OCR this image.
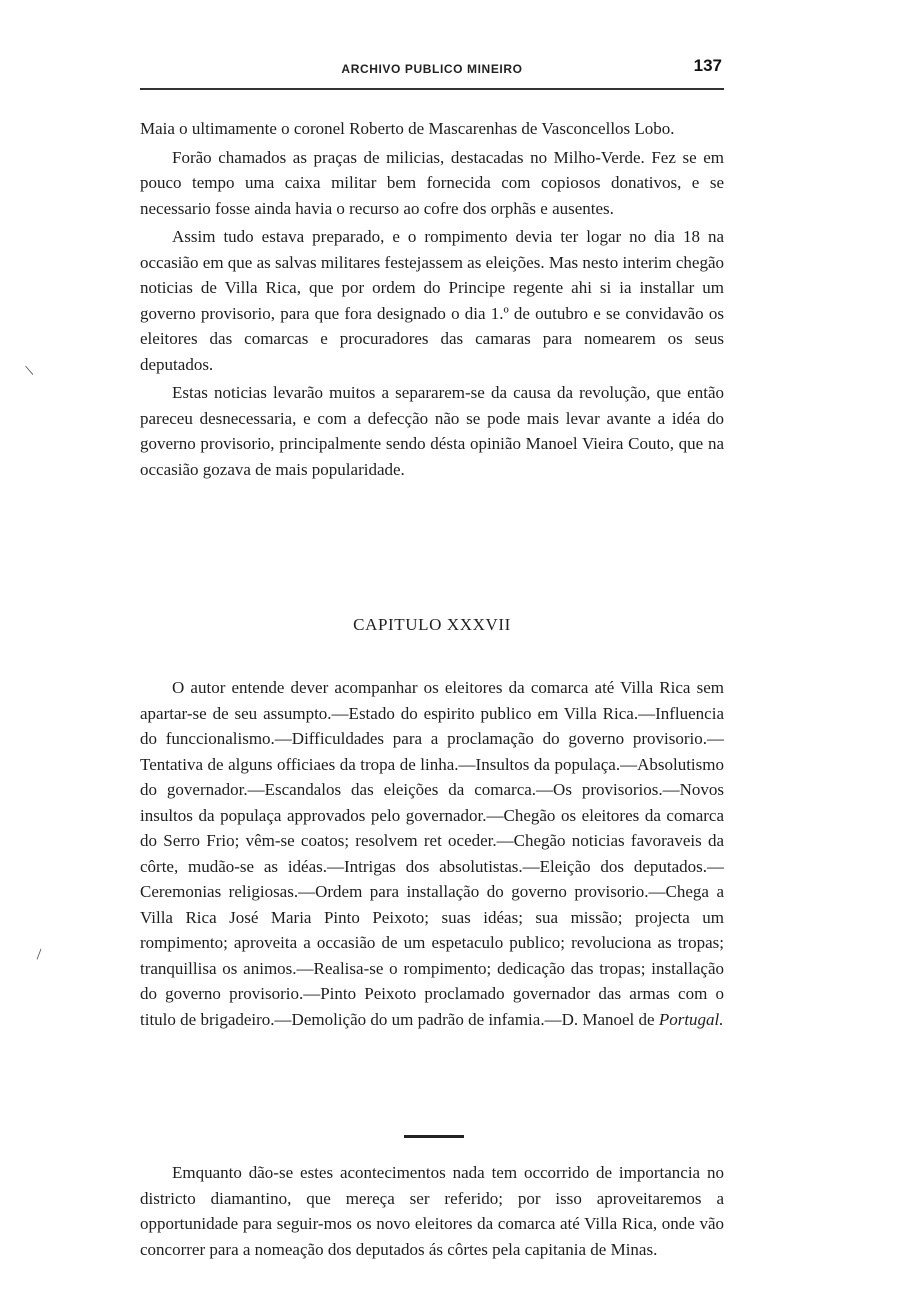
ARCHIVO PUBLICO MINEIRO	137

Maia o ultimamente o coronel Roberto de Mascarenhas de Vasconcellos Lobo.

Forão chamados as praças de milicias, destacadas no Milho-Verde. Fez se em pouco tempo uma caixa militar bem fornecida com copiosos donativos, e se necessario fosse ainda havia o recurso ao cofre dos orphãs e ausentes.

Assim tudo estava preparado, e o rompimento devia ter logar no dia 18 na occasião em que as salvas militares festejassem as eleições. Mas nesto interim chegão noticias de Villa Rica, que por ordem do Principe regente ahi si ia installar um governo provisorio, para que fora designado o dia 1.º de outubro e se convidavão os eleitores das comarcas e procuradores das camaras para nomearem os seus deputados.

Estas noticias levarão muitos a separarem-se da causa da revolução, que então pareceu desnecessaria, e com a defecção não se pode mais levar avante a idéa do governo provisorio, principalmente sendo désta opinião Manoel Vieira Couto, que na occasião gozava de mais popularidade.

CAPITULO XXXVII

O autor entende dever acompanhar os eleitores da comarca até Villa Rica sem apartar-se de seu assumpto.—Estado do espirito publico em Villa Rica.—Influencia do funccionalismo.—Difficuldades para a proclamação do governo provisorio.—Tentativa de alguns officiaes da tropa de linha.—Insultos da populaça.—Absolutismo do governador.—Escandalos das eleições da comarca.—Os provisorios.—Novos insultos da populaça approvados pelo governador.—Chegão os eleitores da comarca do Serro Frio; vêm-se coatos; resolvem ret oceder.—Chegão noticias favoraveis da côrte, mudão-se as idéas.—Intrigas dos absolutistas.—Eleição dos deputados.—Ceremonias religiosas.—Ordem para installação do governo provisorio.—Chega a Villa Rica José Maria Pinto Peixoto; suas idéas; sua missão; projecta um rompimento; aproveita a occasião de um espetaculo publico; revoluciona as tropas; tranquillisa os animos.—Realisa-se o rompimento; dedicação das tropas; installação do governo provisorio.—Pinto Peixoto proclamado governador das armas com o titulo de brigadeiro.—Demolição do um padrão de infamia.—D. Manoel de Portugal.

Emquanto dão-se estes acontecimentos nada tem occorrido de importancia no districto diamantino, que mereça ser referido; por isso aproveitaremos a opportunidade para seguir-mos os novo eleitores da comarca até Villa Rica, onde vão concorrer para a nomeação dos deputados ás côrtes pela capitania de Minas.

/
\
